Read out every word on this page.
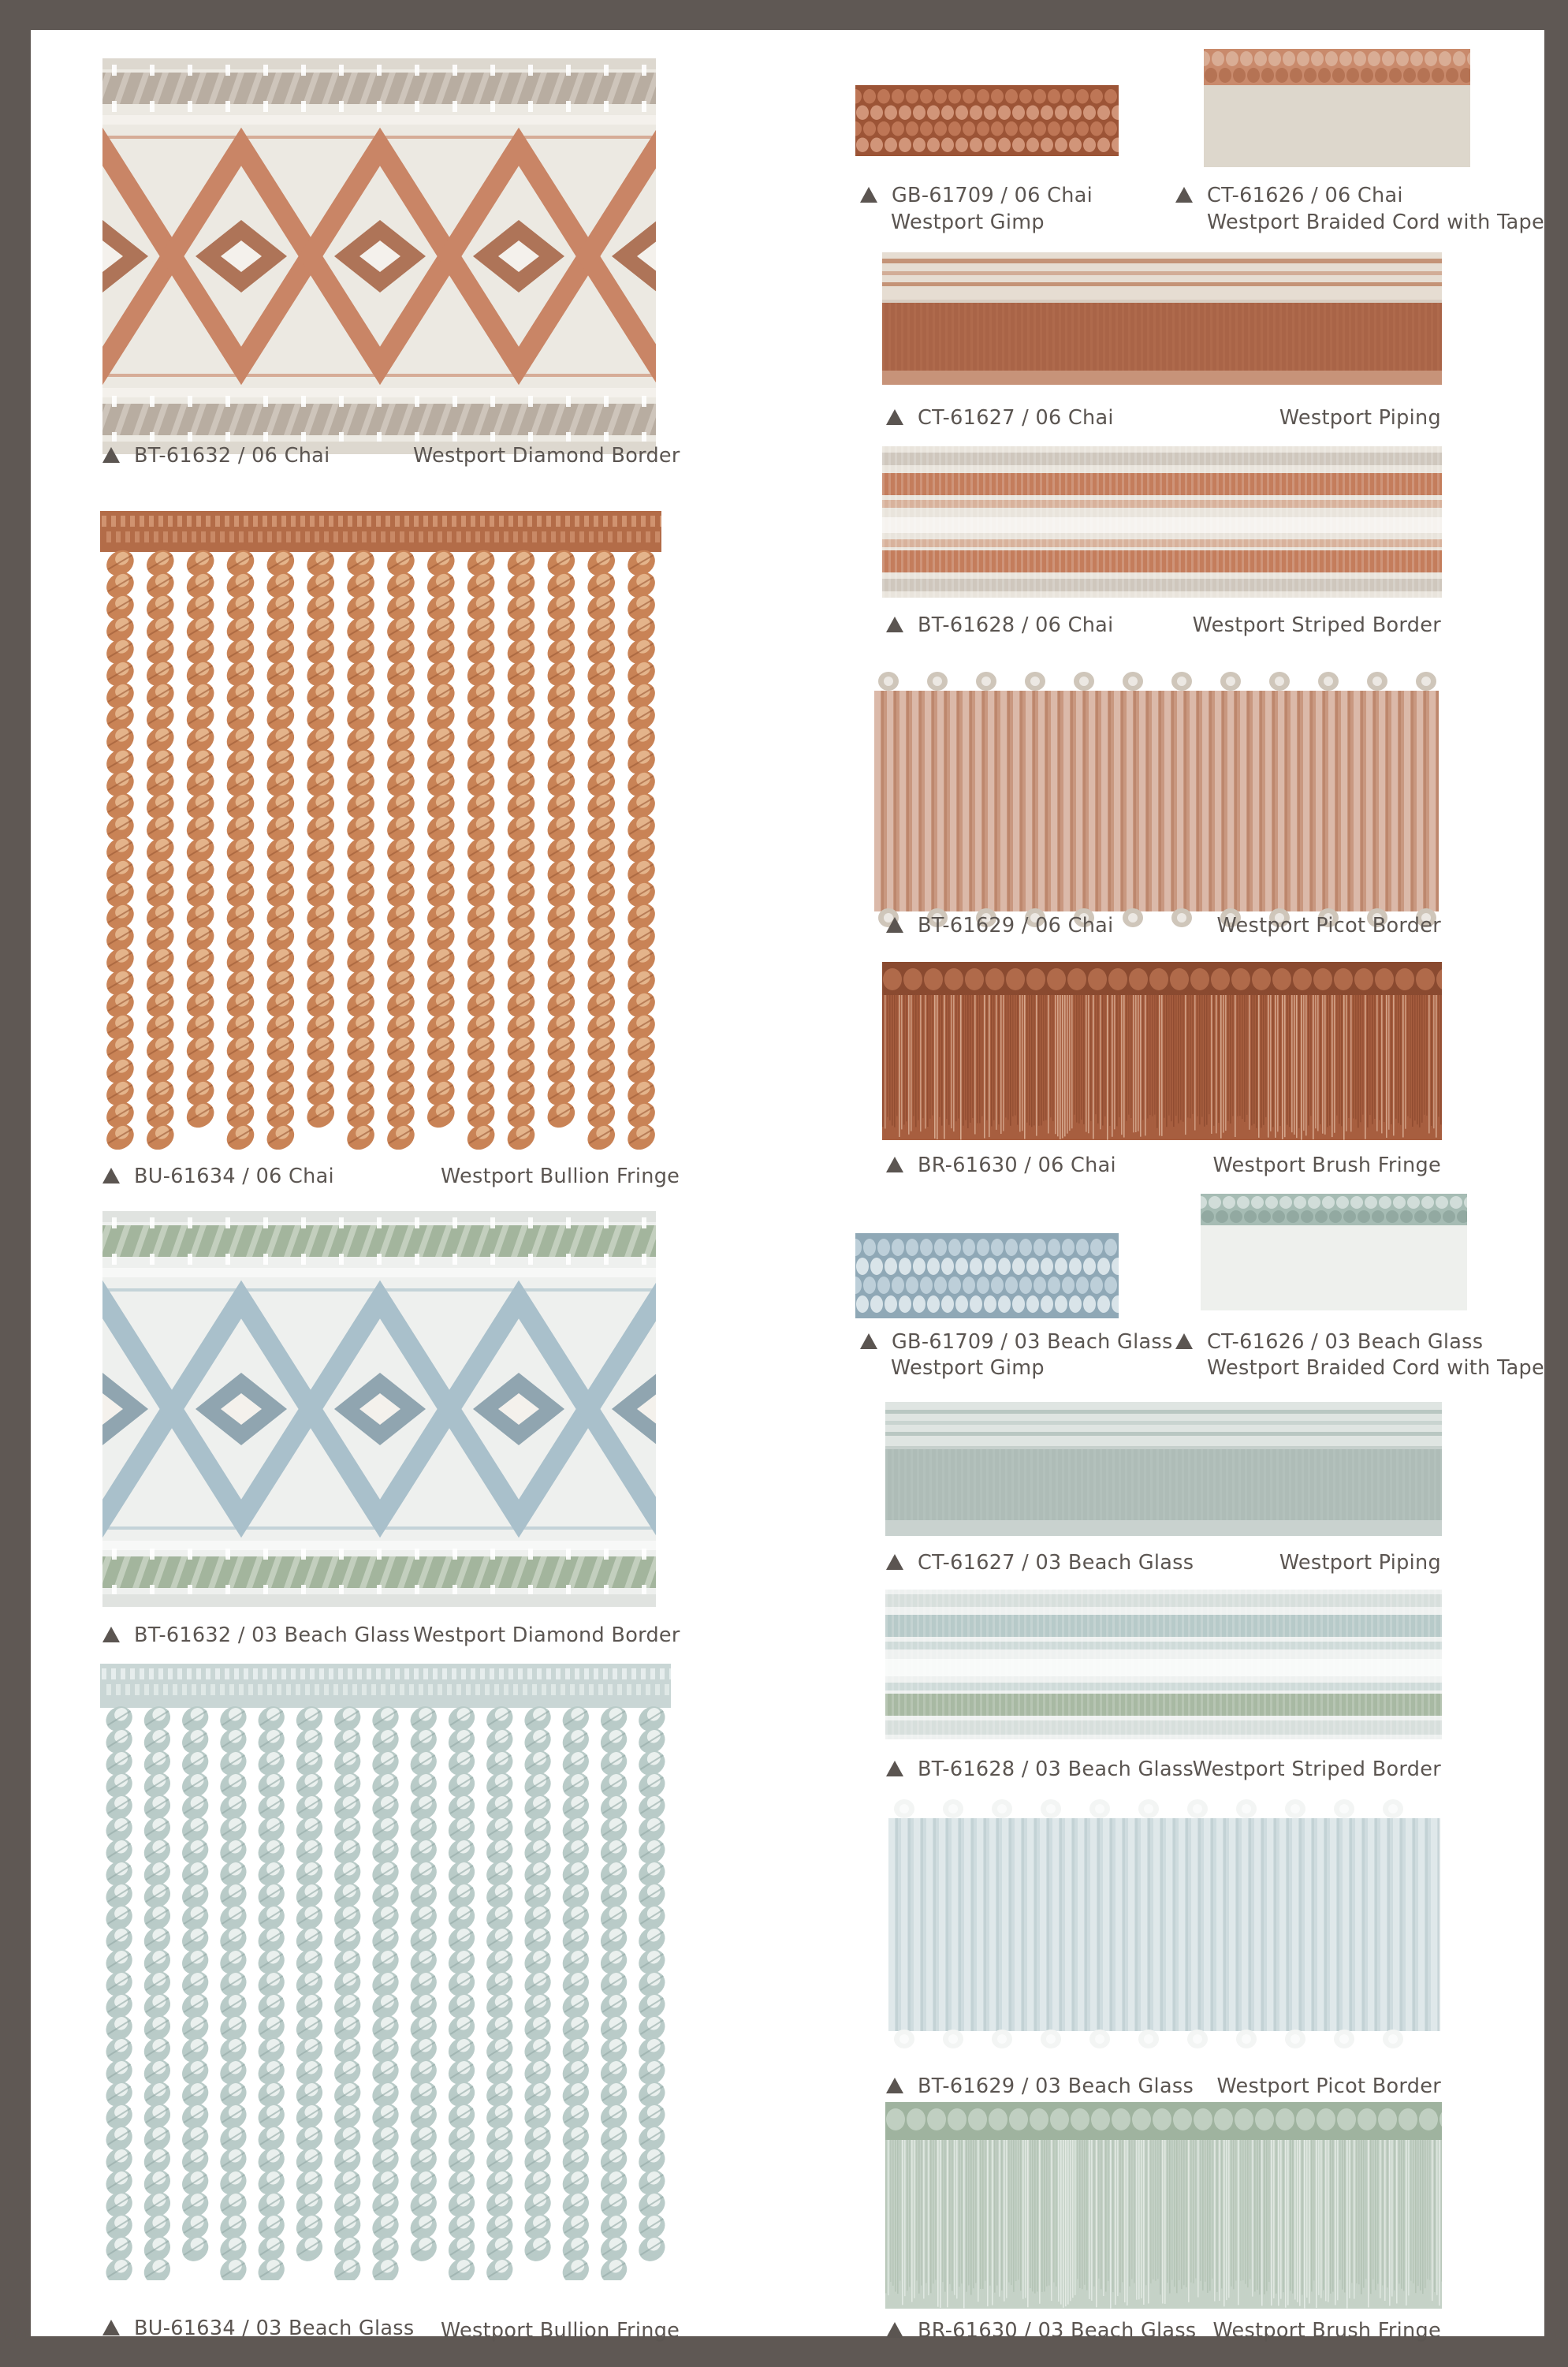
BT-61632 / 06 Chai	Westport Diamond Border
BU-61634 / 06 Chai	Westport Bullion Fringe
BT-61632 / 03 Beach Glass Westport Diamond Border
BU-61634 / 03 Beach Glass Westport Bullion Fringe
GB-61709 / 06 Chai
Westport Gimp
CT-61626 / 06 Chai
Westport Braided Cord with Tape
CT-61627 / 06 Chai	Westport Piping
BT-61628 / 06 Chai	Westport Striped Border
BT-61629 / 06 Chai	Westport Picot Border
BR-61630 / 06 Chai	Westport Brush Fringe
GB-61709 / 03 Beach Glass
Westport Gimp
CT-61626 / 03 Beach Glass
Westport Braided Cord with Tape
CT-61627 / 03 Beach Glass	Westport Piping
BT-61628 / 03 Beach Glass
Westport Striped Border
BT-61629 / 03 Beach Glass Westport Picot Border
BR-61630 / 03 Beach Glass Westport Brush Fringe
